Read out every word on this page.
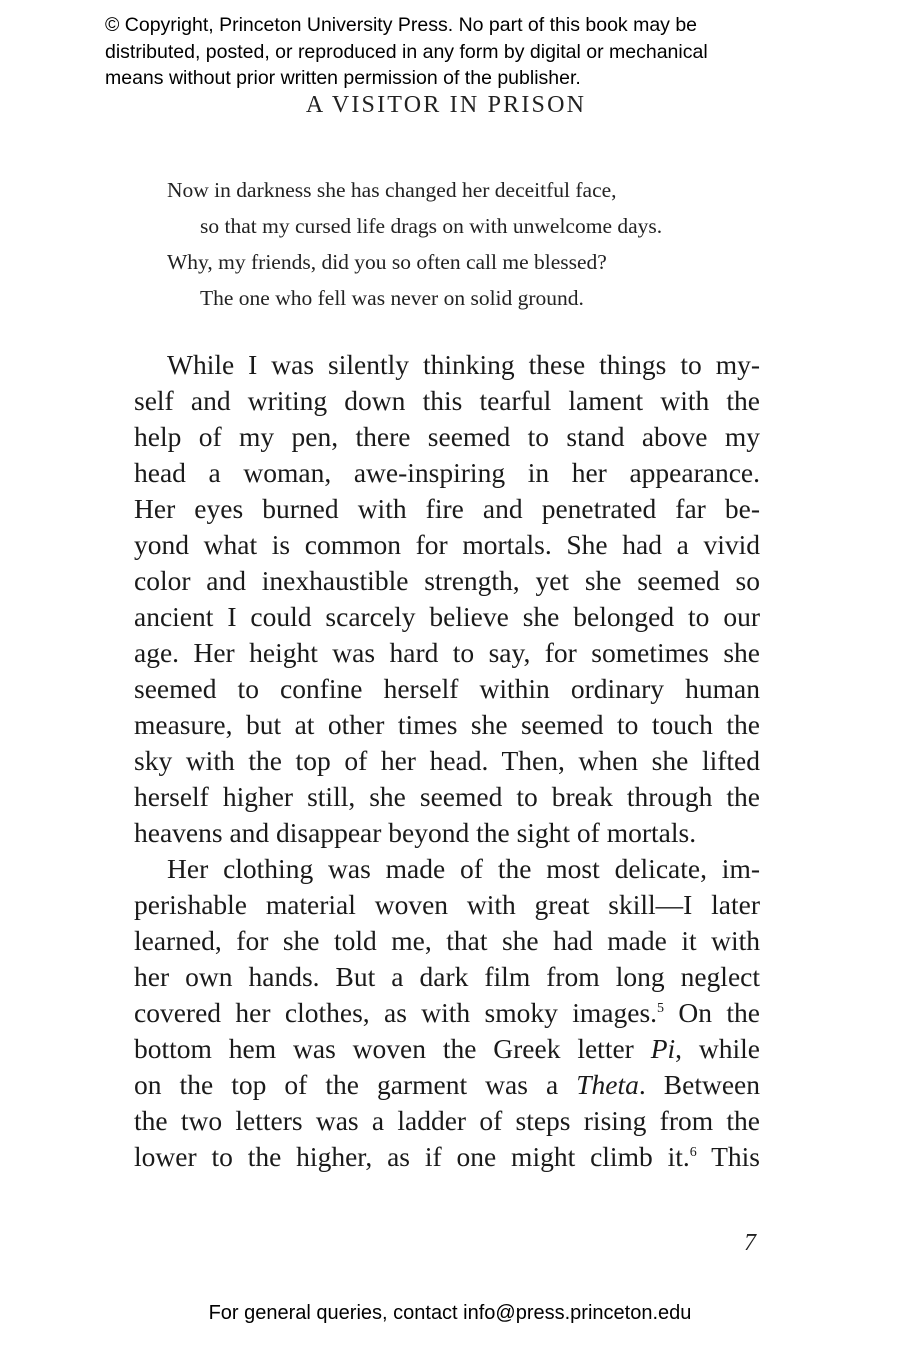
© Copyright, Princeton University Press. No part of this book may be
distributed, posted, or reproduced in any form by digital or mechanical
means without prior written permission of the publisher.
A VISITOR IN PRISON
Now in darkness she has changed her deceitful face,
so that my cursed life drags on with unwelcome days.
Why, my friends, did you so often call me blessed?
The one who fell was never on solid ground.
While I was silently thinking these things to my-
self and writing down this tearful lament with the
help of my pen, there seemed to stand above my
head a woman, awe-inspiring in her appearance.
Her eyes burned with fire and penetrated far be-
yond what is common for mortals. She had a vivid
color and inexhaustible strength, yet she seemed so
ancient I could scarcely believe she belonged to our
age. Her height was hard to say, for sometimes she
seemed to confine herself within ordinary human
measure, but at other times she seemed to touch the
sky with the top of her head. Then, when she lifted
herself higher still, she seemed to break through the
heavens and disappear beyond the sight of mortals.
Her clothing was made of the most delicate, im-
perishable material woven with great skill—I later
learned, for she told me, that she had made it with
her own hands. But a dark film from long neglect
covered her clothes, as with smoky images.$^5$ On the
bottom hem was woven the Greek letter Pi, while
on the top of the garment was a Theta. Between
the two letters was a ladder of steps rising from the
lower to the higher, as if one might climb it.$^6$ This
7
For general queries, contact info@press.princeton.edu
